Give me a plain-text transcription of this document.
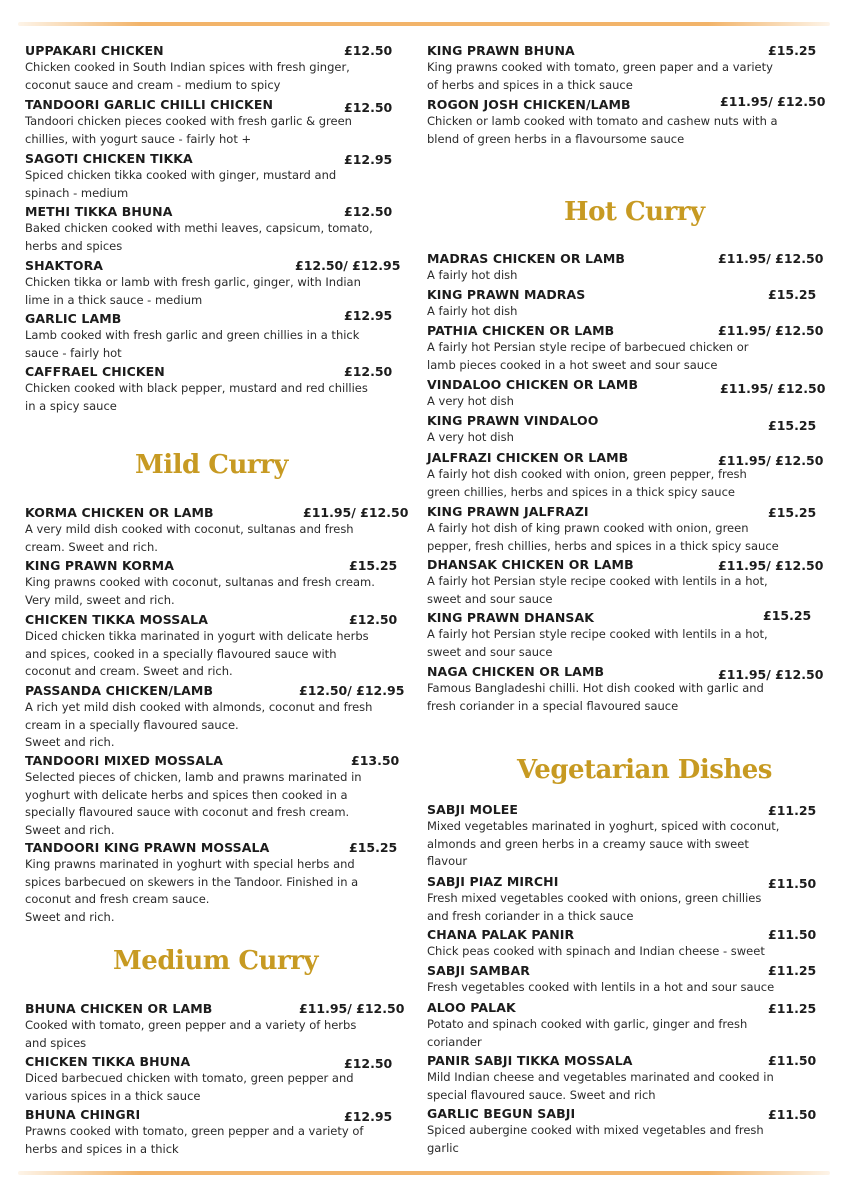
UPPAKARI CHICKEN	£12.50
Chicken cooked in South Indian spices with fresh ginger,
coconut sauce and cream - medium to spicy
TANDOORI GARLIC CHILLI CHICKEN	£12.50
Tandoori chicken pieces cooked with fresh garlic & green
chillies, with yogurt sauce - fairly hot +
SAGOTI CHICKEN TIKKA	£12.95
Spiced chicken tikka cooked with ginger, mustard and
spinach - medium
METHI TIKKA BHUNA	£12.50
Baked chicken cooked with methi leaves, capsicum, tomato,
herbs and spices
SHAKTORA	£12.50/ £12.95
Chicken tikka or lamb with fresh garlic, ginger, with Indian
lime in a thick sauce - medium
GARLIC LAMB	£12.95
Lamb cooked with fresh garlic and green chillies in a thick
sauce - fairly hot
CAFFRAEL CHICKEN	£12.50
Chicken cooked with black pepper, mustard and red chillies
in a spicy sauce
Mild Curry
KORMA CHICKEN OR LAMB	£11.95/ £12.50
A very mild dish cooked with coconut, sultanas and fresh
cream. Sweet and rich.
KING PRAWN KORMA	£15.25
King prawns cooked with coconut, sultanas and fresh cream.
Very mild, sweet and rich.
CHICKEN TIKKA MOSSALA	£12.50
Diced chicken tikka marinated in yogurt with delicate herbs
and spices, cooked in a specially flavoured sauce with
coconut and cream. Sweet and rich.
PASSANDA CHICKEN/LAMB	£12.50/ £12.95
A rich yet mild dish cooked with almonds, coconut and fresh
cream in a specially flavoured sauce.
Sweet and rich.
TANDOORI MIXED MOSSALA	£13.50
Selected pieces of chicken, lamb and prawns marinated in
yoghurt with delicate herbs and spices then cooked in a
specially flavoured sauce with coconut and fresh cream.
Sweet and rich.
TANDOORI KING PRAWN MOSSALA	£15.25
King prawns marinated in yoghurt with special herbs and
spices barbecued on skewers in the Tandoor. Finished in a
coconut and fresh cream sauce.
Sweet and rich.
Medium Curry
BHUNA CHICKEN OR LAMB	£11.95/ £12.50
Cooked with tomato, green pepper and a variety of herbs
and spices
CHICKEN TIKKA BHUNA	£12.50
Diced barbecued chicken with tomato, green pepper and
various spices in a thick sauce
BHUNA CHINGRI	£12.95
Prawns cooked with tomato, green pepper and a variety of
herbs and spices in a thick
KING PRAWN BHUNA	£15.25
King prawns cooked with tomato, green paper and a variety
of herbs and spices in a thick sauce
ROGON JOSH CHICKEN/LAMB	£11.95/ £12.50
Chicken or lamb cooked with tomato and cashew nuts with a
blend of green herbs in a flavoursome sauce
Hot Curry
MADRAS CHICKEN OR LAMB	£11.95/ £12.50
A fairly hot dish
KING PRAWN MADRAS	£15.25
A fairly hot dish
PATHIA CHICKEN OR LAMB	£11.95/ £12.50
A fairly hot Persian style recipe of barbecued chicken or
lamb pieces cooked in a hot sweet and sour sauce
VINDALOO CHICKEN OR LAMB	£11.95/ £12.50
A very hot dish
KING PRAWN VINDALOO	£15.25
A very hot dish
JALFRAZI CHICKEN OR LAMB	£11.95/ £12.50
A fairly hot dish cooked with onion, green pepper, fresh
green chillies, herbs and spices in a thick spicy sauce
KING PRAWN JALFRAZI	£15.25
A fairly hot dish of king prawn cooked with onion, green
pepper, fresh chillies, herbs and spices in a thick spicy sauce
DHANSAK CHICKEN OR LAMB	£11.95/ £12.50
A fairly hot Persian style recipe cooked with lentils in a hot,
sweet and sour sauce
KING PRAWN DHANSAK	£15.25
A fairly hot Persian style recipe cooked with lentils in a hot,
sweet and sour sauce
NAGA CHICKEN OR LAMB	£11.95/ £12.50
Famous Bangladeshi chilli. Hot dish cooked with garlic and
fresh coriander in a special flavoured sauce
Vegetarian Dishes
SABJI MOLEE	£11.25
Mixed vegetables marinated in yoghurt, spiced with coconut,
almonds and green herbs in a creamy sauce with sweet
flavour
SABJI PIAZ MIRCHI	£11.50
Fresh mixed vegetables cooked with onions, green chillies
and fresh coriander in a thick sauce
CHANA PALAK PANIR	£11.50
Chick peas cooked with spinach and Indian cheese - sweet
SABJI SAMBAR	£11.25
Fresh vegetables cooked with lentils in a hot and sour sauce
ALOO PALAK	£11.25
Potato and spinach cooked with garlic, ginger and fresh
coriander
PANIR SABJI TIKKA MOSSALA	£11.50
Mild Indian cheese and vegetables marinated and cooked in
special flavoured sauce. Sweet and rich
GARLIC BEGUN SABJI	£11.50
Spiced aubergine cooked with mixed vegetables and fresh
garlic
